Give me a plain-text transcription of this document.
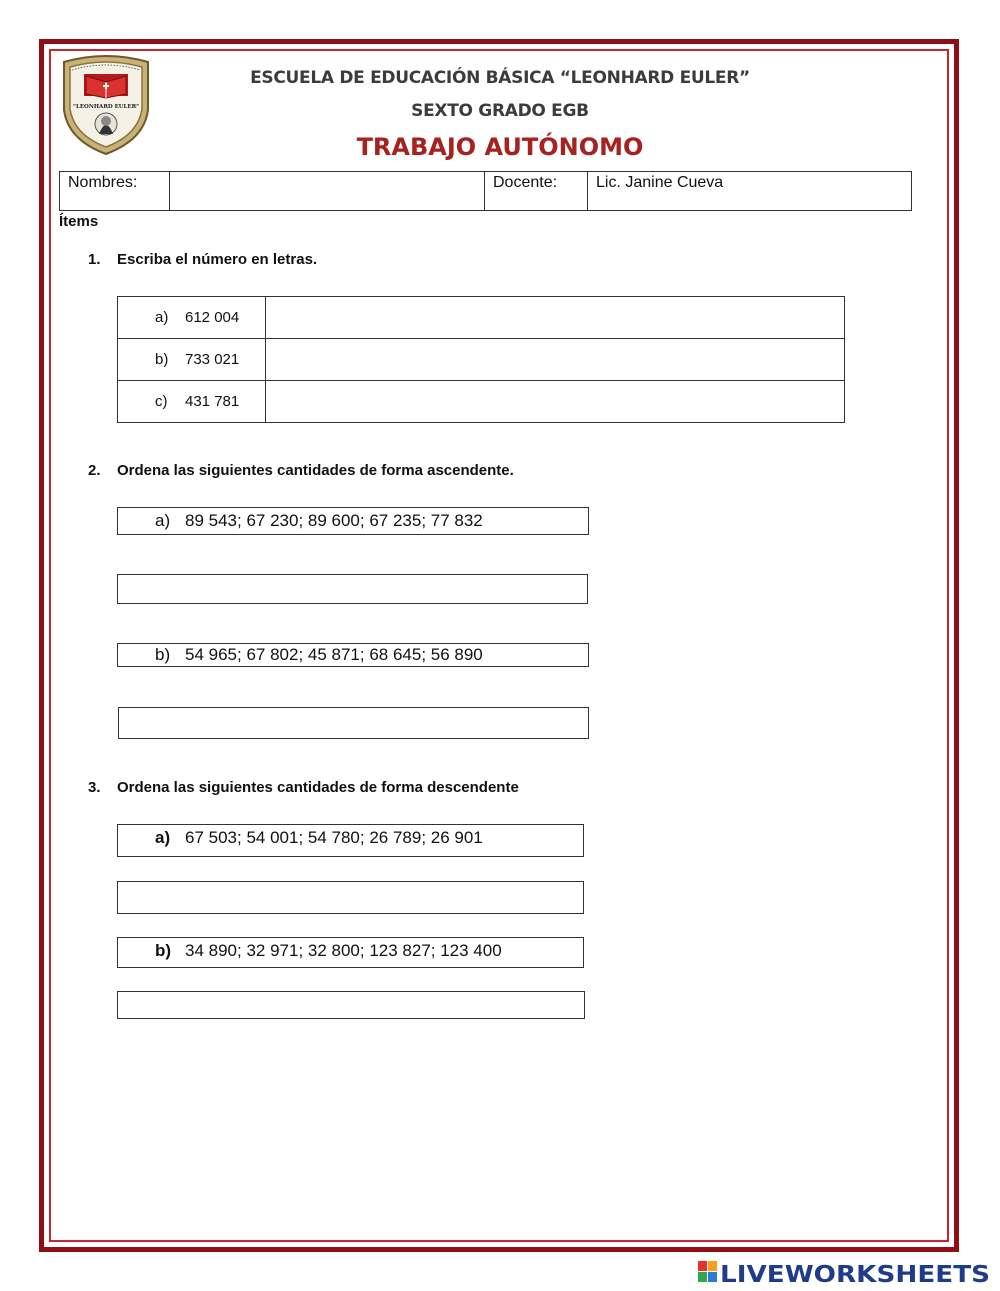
“LEONHARD EULER”
ESCUELA DE EDUCACIÓN BÁSICA “LEONHARD EULER”
SEXTO GRADO EGB
TRABAJO AUTÓNOMO
Nombres:		Docente:	Lic. Janine Cueva
Ítems
1. Escriba el número en letras.
a) 612 004	
b) 733 021	
c) 431 781	
2. Ordena las siguientes cantidades de forma ascendente.
a) 89 543; 67 230; 89 600; 67 235; 77 832
b) 54 965; 67 802; 45 871; 68 645; 56 890
3. Ordena las siguientes cantidades de forma descendente
a) 67 503; 54 001; 54 780; 26 789; 26 901
b) 34 890; 32 971; 32 800; 123 827; 123 400
LIVEWORKSHEETS
